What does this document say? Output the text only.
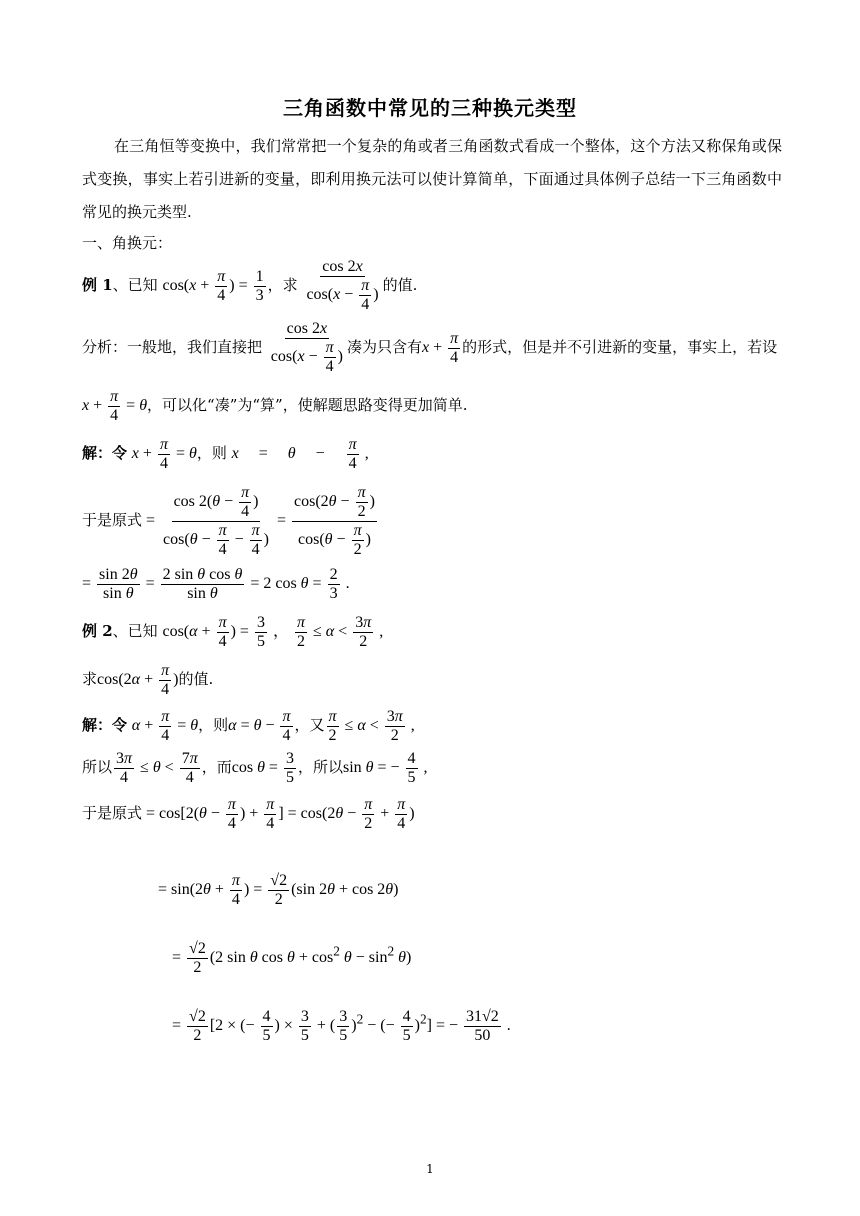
三角函数中常见的三种换元类型

在三角恒等变换中，我们常常把一个复杂的角或者三角函数式看成一个整体，这个方法又称保角或保式变换，事实上若引进新的变量，即利用换元法可以使计算简单，下面通过具体例子总结一下三角函数中常见的换元类型.

一、角换元：
例 1、已知 $\cos(x + \frac{\pi}{4}$ ) = $\frac{1}{3}$ ，求 $\frac{\cos 2x}{\cos(x - \frac{\pi}{4} )}$ 的值.
分析：一般地，我们直接把 $\frac{\cos 2x}{\cos(x - \frac{\pi}{4} )}$ 凑为只含有$x + \frac{\pi}{4}$ 的形式，但是并不引进新的变量，事实上，若设
$x + \frac{\pi}{4} = \theta$，可以化“凑”为“算”，使解题思路变得更加简单.
解：令 $x + \frac{\pi}{4} = \theta$，则 $x = \theta - \frac{\pi}{4}$ ,
于是原式 = $\frac{\cos 2(\theta - \frac{\pi}{4} )}{\cos(\theta - \frac{\pi}{4} - \frac{\pi}{4} )} = \frac{\cos(2\theta - \frac{\pi}{2} )}{\cos(\theta - \frac{\pi}{2} )}$
= $\frac{\sin 2\theta}{\text{sin θ}} = \frac{\text{2 sin θ cos θ}}{\text{sin θ}} = 2$ $\cos \theta = \frac{2}{3}$ .
例 2、已知 $\cos(\alpha + \frac{\pi}{4}$ ) = $\frac{3}{5}$ ， $\frac{\pi}{2} \le \alpha < \frac{3\pi}{2}$ ,
求$\cos(2\alpha + \frac{\pi}{4}$ )的值.
解：令 $\alpha + \frac{\pi}{4} = \theta$，则$\alpha = \theta - \frac{\pi}{4}$ ，又 $\frac{\pi}{2} \le \alpha < \frac{3\pi}{2}$ ,
所以 $\frac{3\pi}{4} \le \theta < \frac{7\pi}{4}$ ，而$\cos \theta = \frac{3}{5}$ ，所以sin θ = − $\frac{4}{5}$ ,
于是原式 = $\cos[2(\theta - \frac{\pi}{4}$ ) + $\frac{\pi}{4}$ ] = $\cos(2\theta - \frac{\pi}{2} + \frac{\pi}{4}$ )
= $\sin(2\theta + \frac{\pi}{4}$ ) = $\frac{√2}{2} (\sin$ 2θ + cos 2θ)
= $\frac{√2}{2} (2$ sin θ $\cos \theta + \cos^2 \theta - \sin^2 \theta$)
= $\frac{√2}{2} [2$ × (− $\frac{4}{5}$ ) × $\frac{3}{5}$ + ( $\frac{3}{5} )^2$ − (− $\frac{4}{5} )^2$] = − $\frac{31√2}{50}$ .
1
